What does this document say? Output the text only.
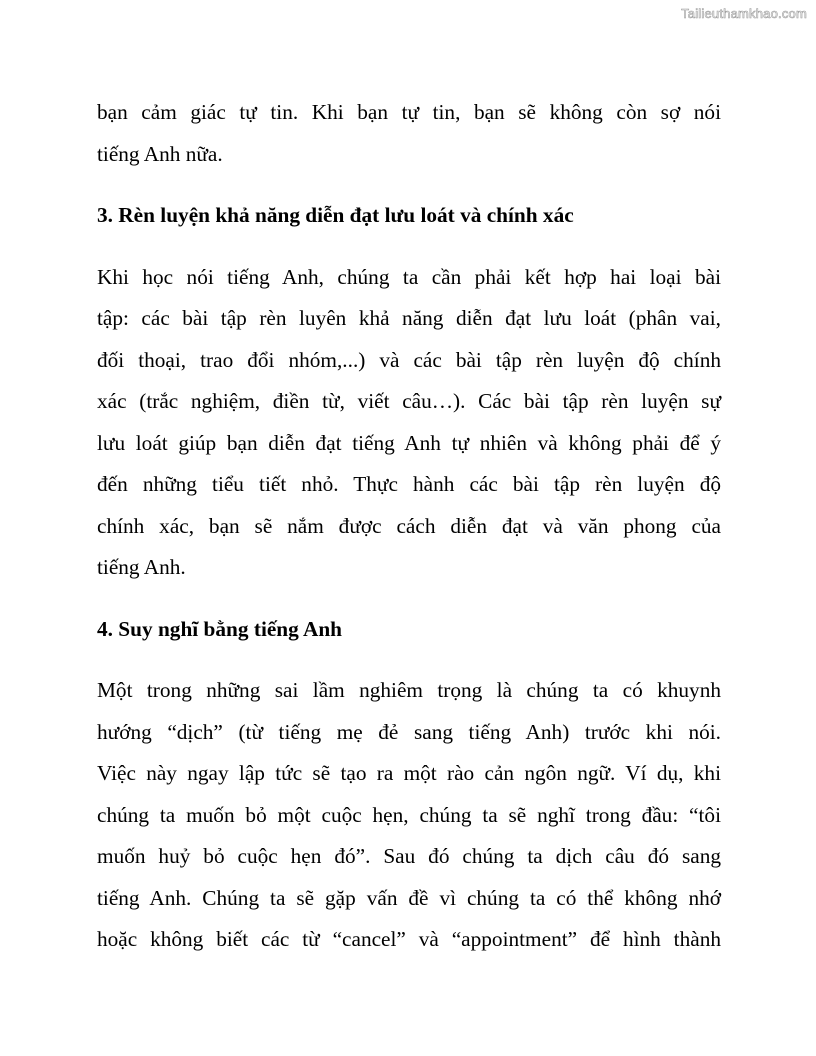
Tailieuthamkhao.com
bạn cảm giác tự tin. Khi bạn tự tin, bạn sẽ không còn sợ nói
tiếng Anh nữa.
3. Rèn luyện khả năng diễn đạt lưu loát và chính xác
Khi học nói tiếng Anh, chúng ta cần phải kết hợp hai loại bài
tập: các bài tập rèn luyên khả năng diễn đạt lưu loát (phân vai,
đối thoại, trao đổi nhóm,...) và các bài tập rèn luyện độ chính
xác (trắc nghiệm, điền từ, viết câu…). Các bài tập rèn luyện sự
lưu loát giúp bạn diễn đạt tiếng Anh tự nhiên và không phải để ý
đến những tiểu tiết nhỏ. Thực hành các bài tập rèn luyện độ
chính xác, bạn sẽ nắm được cách diễn đạt và văn phong của
tiếng Anh.
4. Suy nghĩ bằng tiếng Anh
Một trong những sai lầm nghiêm trọng là chúng ta có khuynh
hướng “dịch” (từ tiếng mẹ đẻ sang tiếng Anh) trước khi nói.
Việc này ngay lập tức sẽ tạo ra một rào cản ngôn ngữ. Ví dụ, khi
chúng ta muốn bỏ một cuộc hẹn, chúng ta sẽ nghĩ trong đầu: “tôi
muốn huỷ bỏ cuộc hẹn đó”. Sau đó chúng ta dịch câu đó sang
tiếng Anh. Chúng ta sẽ gặp vấn đề vì chúng ta có thể không nhớ
hoặc không biết các từ “cancel” và “appointment” để hình thành
